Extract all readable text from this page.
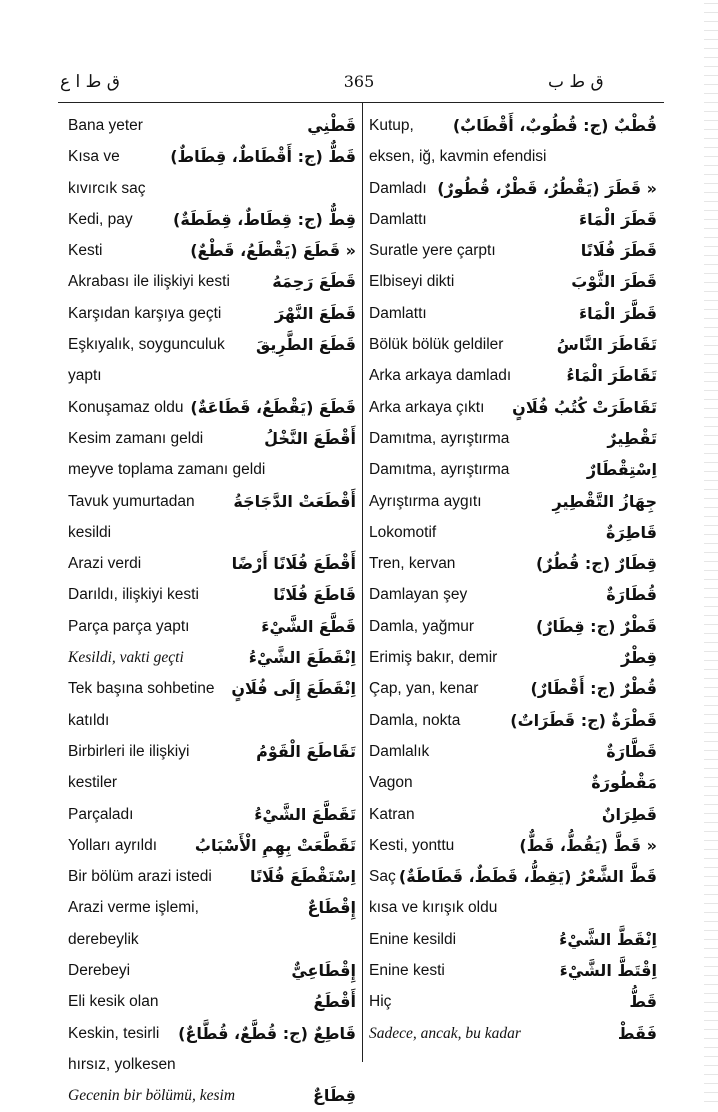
ق ط ا ع	365	ق ط ب
Bana yeter	قَطْنِي
Kısa ve	قَطٌّ (ج: أَقْطَاطٌ، قِطَاطٌ)
kıvırcık saç
Kedi, pay	قِطٌّ (ج: قِطَاطٌ، قِطَطَةٌ)
Kesti	« قَطَعَ (يَقْطَعُ، قَطْعٌ)
Akrabası ile ilişkiyi kesti	قَطَعَ رَحِمَهُ
Karşıdan karşıya geçti	قَطَعَ النَّهْرَ
Eşkıyalık, soygunculuk قَطَعَ الطَّرِيقَ
yaptı
Konuşamaz oldu قَطَعَ (يَقْطَعُ، قَطَاعَةٌ)
Kesim zamanı geldi	أَقْطَعَ النَّخْلُ
meyve toplama zamanı geldi
Tavuk yumurtadan أَقْطَعَتْ الدَّجَاجَةُ
kesildi
Arazi verdi	أَقْطَعَ فُلَانًا أَرْضًا
Darıldı, ilişkiyi kesti	قَاطَعَ فُلَانًا
Parça parça yaptı	قَطَّعَ الشَّيْءَ
Kesildi, vakti geçti	اِنْقَطَعَ الشَّيْءُ
Tek başına sohbetine اِنْقَطَعَ إِلَى فُلَانٍ
katıldı
Birbirleri ile ilişkiyi	تَقَاطَعَ الْقَوْمُ
kestiler
Parçaladı	تَقَطَّعَ الشَّيْءُ
Yolları ayrıldı تَقَطَّعَتْ بِهِمِ الْأَسْبَابُ
Bir bölüm arazi istedi اِسْتَقْطَعَ فُلَانًا
Arazi verme işlemi,	إِقْطَاعٌ
derebeylik
Derebeyi	إِقْطَاعِيٌّ
Eli kesik olan	أَقْطَعُ
Keskin, tesirli قَاطِعٌ (ج: قُطَّعٌ، قُطَّاعٌ)
hırsız, yolkesen
Gecenin bir bölümü, kesim	قِطَاعٌ
Kutup, قُطْبٌ (ج: قُطُوبٌ، أَقْطَابٌ)
eksen, iğ, kavmin efendisi
Damladı « قَطَرَ (يَقْطُرُ، قَطْرٌ، قُطُورٌ)
Damlattı	قَطَرَ الْمَاءَ
Suratle yere çarptı	قَطَرَ فُلَانًا
Elbiseyi dikti	قَطَرَ الثَّوْبَ
Damlattı	قَطَّرَ الْمَاءَ
Bölük bölük geldiler	تَقَاطَرَ النَّاسُ
Arka arkaya damladı	تَقَاطَرَ الْمَاءُ
Arka arkaya çıktı تَقَاطَرَتْ كُتُبُ فُلَانٍ
Damıtma, ayrıştırma	تَقْطِيرٌ
Damıtma, ayrıştırma	اِسْتِقْطَارٌ
Ayrıştırma aygıtı	جِهَازُ التَّقْطِيرِ
Lokomotif	قَاطِرَةٌ
Tren, kervan	قِطَارٌ (ج: قُطُرٌ)
Damlayan şey	قُطَارَةٌ
Damla, yağmur	قَطْرٌ (ج: قِطَارٌ)
Erimiş bakır, demir	قِطْرٌ
Çap, yan, kenar	قُطْرٌ (ج: أَقْطَارٌ)
Damla, nokta	قَطْرَةٌ (ج: قَطَرَاتٌ)
Damlalık	قَطَّارَةٌ
Vagon	مَقْطُورَةٌ
Katran	قَطِرَانٌ
Kesti, yonttu	« قَطَّ (يَقُطُّ، قَطٌّ)
Saç قَطَّ الشَّعْرُ (يَقِطُّ، قَطَطٌ، قَطَاطَةٌ)
kısa ve kırışık oldu
Enine kesildi	اِنْقَطَّ الشَّيْءُ
Enine kesti	اِقْتَطَّ الشَّيْءَ
Hiç	قَطُّ
Sadece, ancak, bu kadar	فَقَطْ
